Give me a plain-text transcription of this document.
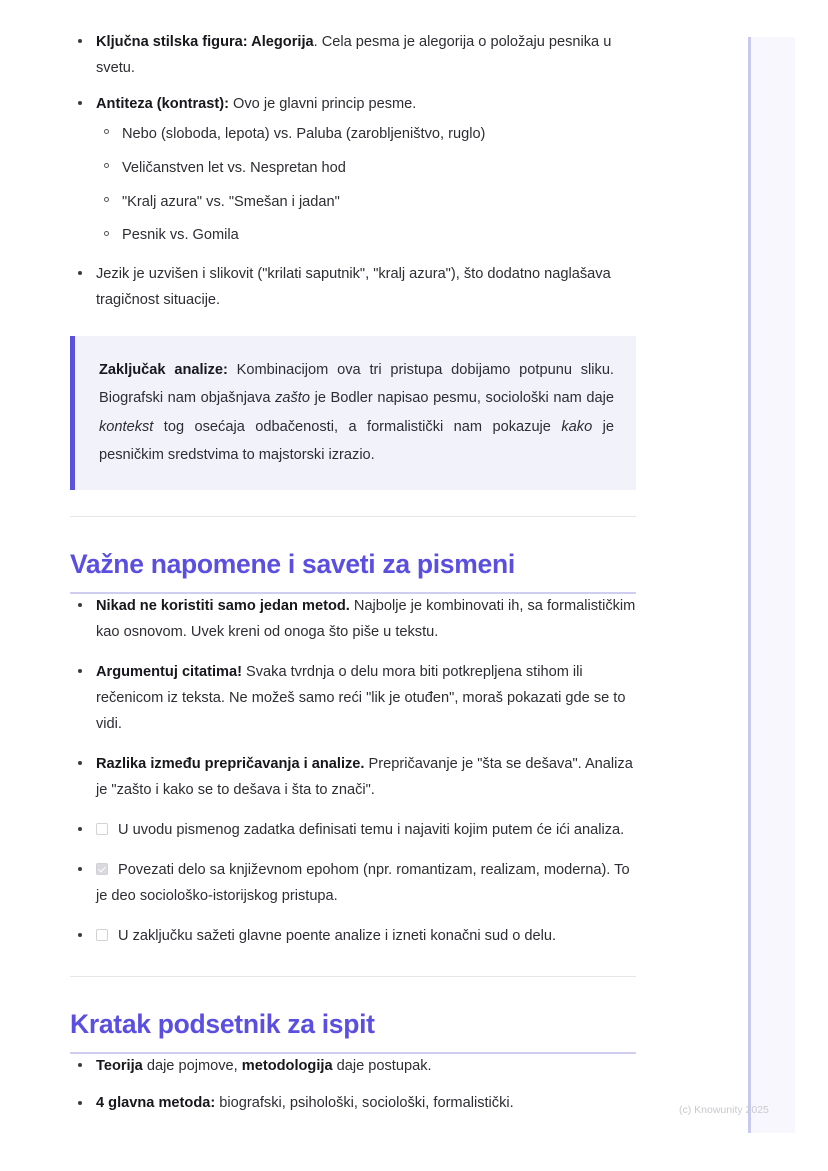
Ključna stilska figura: Alegorija. Cela pesma je alegorija o položaju pesnika u svetu.
Antiteza (kontrast): Ovo je glavni princip pesme.
Nebo (sloboda, lepota) vs. Paluba (zarobljeništvo, ruglo)
Veličanstven let vs. Nespretan hod
"Kralj azura" vs. "Smešan i jadan"
Pesnik vs. Gomila
Jezik je uzvišen i slikovit ("krilati saputnik", "kralj azura"), što dodatno naglašava tragičnost situacije.

Zaključak analize: Kombinacijom ova tri pristupa dobijamo potpunu sliku. Biografski nam objašnjava zašto je Bodler napisao pesmu, sociološki nam daje kontekst tog osećaja odbačenosti, a formalistički nam pokazuje kako je pesničkim sredstvima to majstorski izrazio.

Važne napomene i saveti za pismeni
Nikad ne koristiti samo jedan metod. Najbolje je kombinovati ih, sa formalističkim kao osnovom. Uvek kreni od onoga što piše u tekstu.
Argumentuj citatima! Svaka tvrdnja o delu mora biti potkrepljena stihom ili rečenicom iz teksta. Ne možeš samo reći "lik je otuđen", moraš pokazati gde se to vidi.
Razlika između prepričavanja i analize. Prepričavanje je "šta se dešava". Analiza je "zašto i kako se to dešava i šta to znači".
U uvodu pismenog zadatka definisati temu i najaviti kojim putem će ići analiza.
Povezati delo sa književnom epohom (npr. romantizam, realizam, moderna). To je deo sociološko-istorijskog pristupa.
U zaključku sažeti glavne poente analize i izneti konačni sud o delu.
Kratak podsetnik za ispit
Teorija daje pojmove, metodologija daje postupak.
4 glavna metoda: biografski, psihološki, sociološki, formalistički.	(c) Knowunity 2025
